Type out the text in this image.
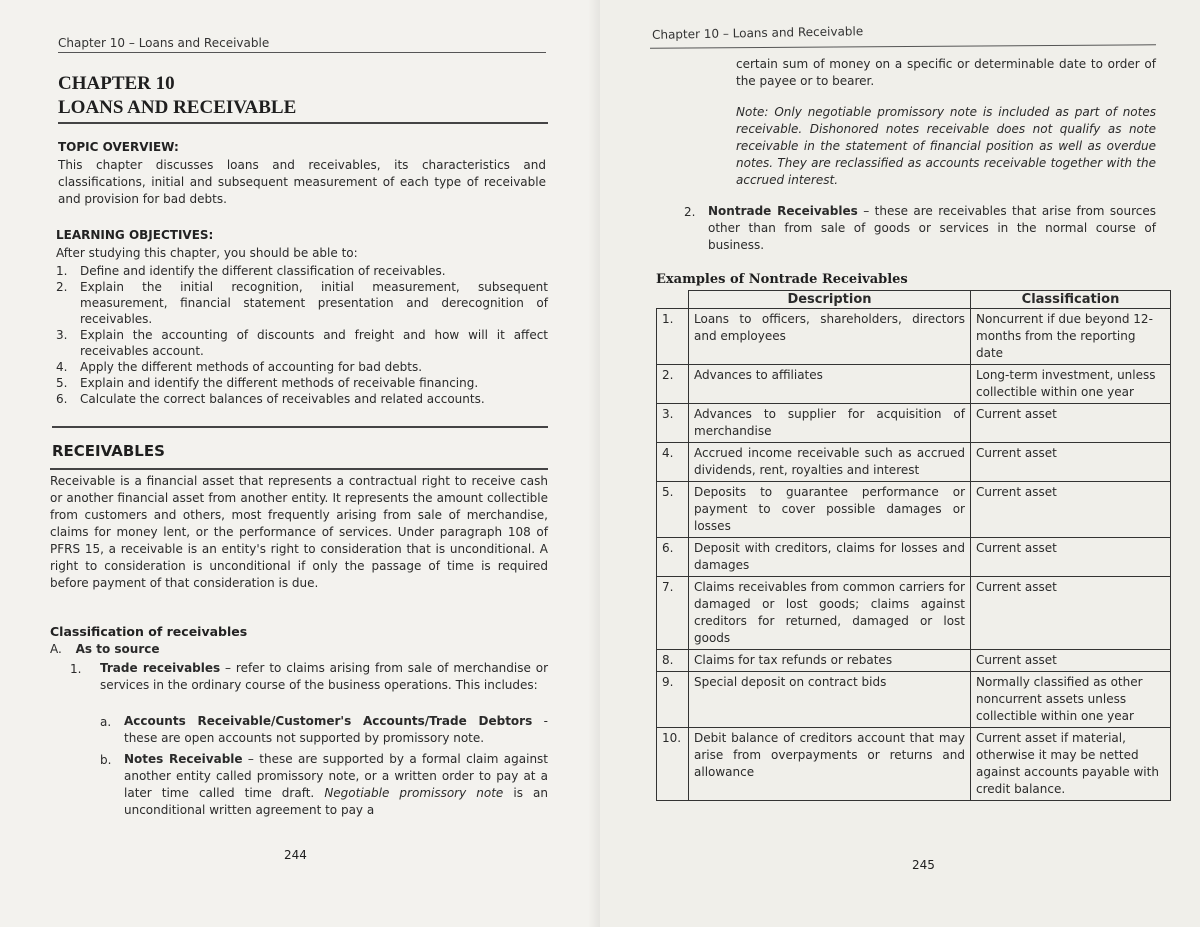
Chapter 10 – Loans and Receivable
CHAPTER 10
LOANS AND RECEIVABLE
TOPIC OVERVIEW:
This chapter discusses loans and receivables, its characteristics and classifications, initial and subsequent measurement of each type of receivable and provision for bad debts.
LEARNING OBJECTIVES:
After studying this chapter, you should be able to:
1. Define and identify the different classification of receivables.
2. Explain the initial recognition, initial measurement, subsequent measurement, financial statement presentation and derecognition of receivables.
3. Explain the accounting of discounts and freight and how will it affect receivables account.
4. Apply the different methods of accounting for bad debts.
5. Explain and identify the different methods of receivable financing.
6. Calculate the correct balances of receivables and related accounts.
RECEIVABLES
Receivable is a financial asset that represents a contractual right to receive cash or another financial asset from another entity. It represents the amount collectible from customers and others, most frequently arising from sale of merchandise, claims for money lent, or the performance of services. Under paragraph 108 of PFRS 15, a receivable is an entity's right to consideration that is unconditional. A right to consideration is unconditional if only the passage of time is required before payment of that consideration is due.
Classification of receivables
A. As to source
1.	Trade receivables – refer to claims arising from sale of merchandise or services in the ordinary course of the business operations. This includes:
a.	Accounts Receivable/Customer's Accounts/Trade Debtors - these are open accounts not supported by promissory note.
b.	Notes Receivable – these are supported by a formal claim against another entity called promissory note, or a written order to pay at a later time called time draft. Negotiable promissory note is an unconditional written agreement to pay a
244
Chapter 10 – Loans and Receivable
certain sum of money on a specific or determinable date to order of the payee or to bearer.
Note: Only negotiable promissory note is included as part of notes receivable. Dishonored notes receivable does not qualify as note receivable in the statement of financial position as well as overdue notes. They are reclassified as accounts receivable together with the accrued interest.
2.	Nontrade Receivables – these are receivables that arise from sources other than from sale of goods or services in the normal course of business.
Examples of Nontrade Receivables
	Description	Classification
1.	Loans to officers, shareholders, directors and employees	Noncurrent if due beyond 12-months from the reporting date
2.	Advances to affiliates	Long-term investment, unless collectible within one year
3.	Advances to supplier for acquisition of merchandise	Current asset
4.	Accrued income receivable such as accrued dividends, rent, royalties and interest	Current asset
5.	Deposits to guarantee performance or payment to cover possible damages or losses	Current asset
6.	Deposit with creditors, claims for losses and damages	Current asset
7.	Claims receivables from common carriers for damaged or lost goods; claims against creditors for returned, damaged or lost goods	Current asset
8.	Claims for tax refunds or rebates	Current asset
9.	Special deposit on contract bids	Normally classified as other noncurrent assets unless collectible within one year
10.	Debit balance of creditors account that may arise from overpayments or returns and allowance	Current asset if material, otherwise it may be netted against accounts payable with credit balance.
245
